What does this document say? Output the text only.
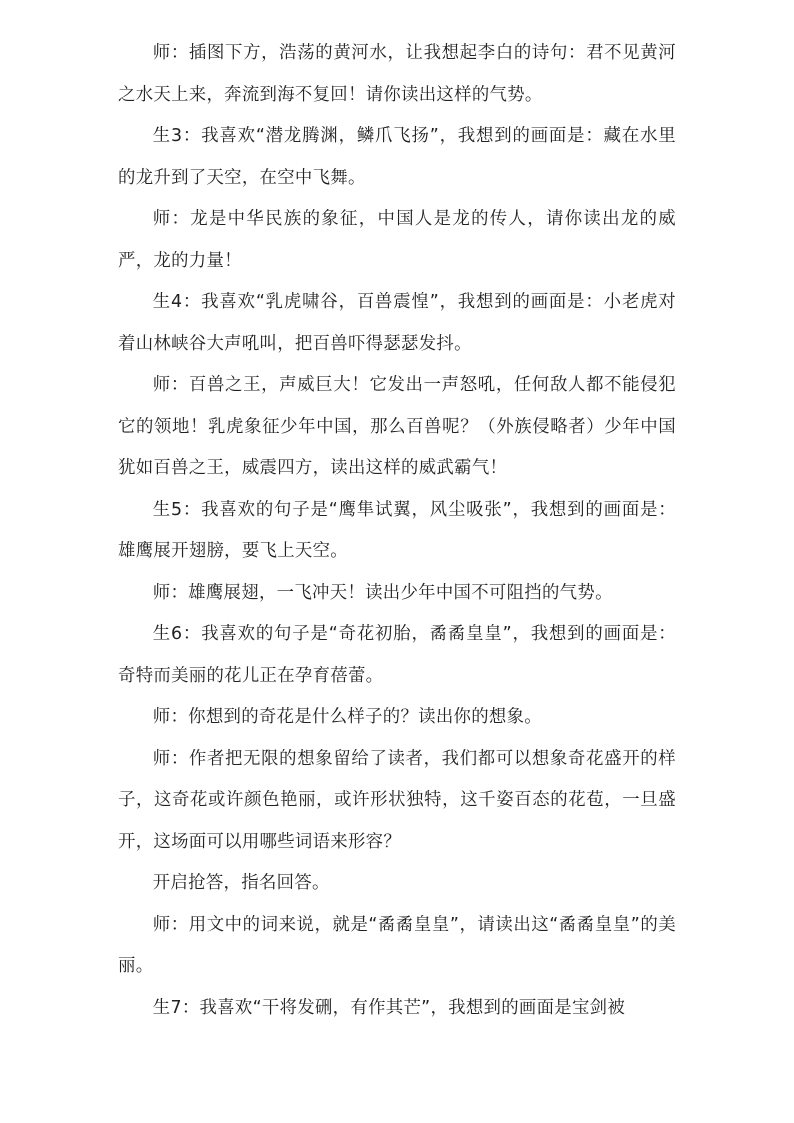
师：插图下方，浩荡的黄河水，让我想起李白的诗句：君不见黄河之水天上来，奔流到海不复回！请你读出这样的气势。

生3：我喜欢“潜龙腾渊，鳞爪飞扬”，我想到的画面是：藏在水里的龙升到了天空，在空中飞舞。

师：龙是中华民族的象征，中国人是龙的传人，请你读出龙的威严，龙的力量！

生4：我喜欢“乳虎啸谷，百兽震惶”，我想到的画面是：小老虎对着山林峡谷大声吼叫，把百兽吓得瑟瑟发抖。

师：百兽之王，声威巨大！它发出一声怒吼，任何敌人都不能侵犯它的领地！乳虎象征少年中国，那么百兽呢？（外族侵略者）少年中国犹如百兽之王，威震四方，读出这样的威武霸气！

生5：我喜欢的句子是“鹰隼试翼，风尘吸张”，我想到的画面是：雄鹰展开翅膀，要飞上天空。

师：雄鹰展翅，一飞冲天！读出少年中国不可阻挡的气势。

生6：我喜欢的句子是“奇花初胎，矞矞皇皇”，我想到的画面是：奇特而美丽的花儿正在孕育蓓蕾。

师：你想到的奇花是什么样子的？读出你的想象。

师：作者把无限的想象留给了读者，我们都可以想象奇花盛开的样子，这奇花或许颜色艳丽，或许形状独特，这千姿百态的花苞，一旦盛开，这场面可以用哪些词语来形容？

开启抢答，指名回答。

师：用文中的词来说，就是“矞矞皇皇”，请读出这“矞矞皇皇”的美丽。

生7：我喜欢“干将发硎，有作其芒”，我想到的画面是宝剑被
